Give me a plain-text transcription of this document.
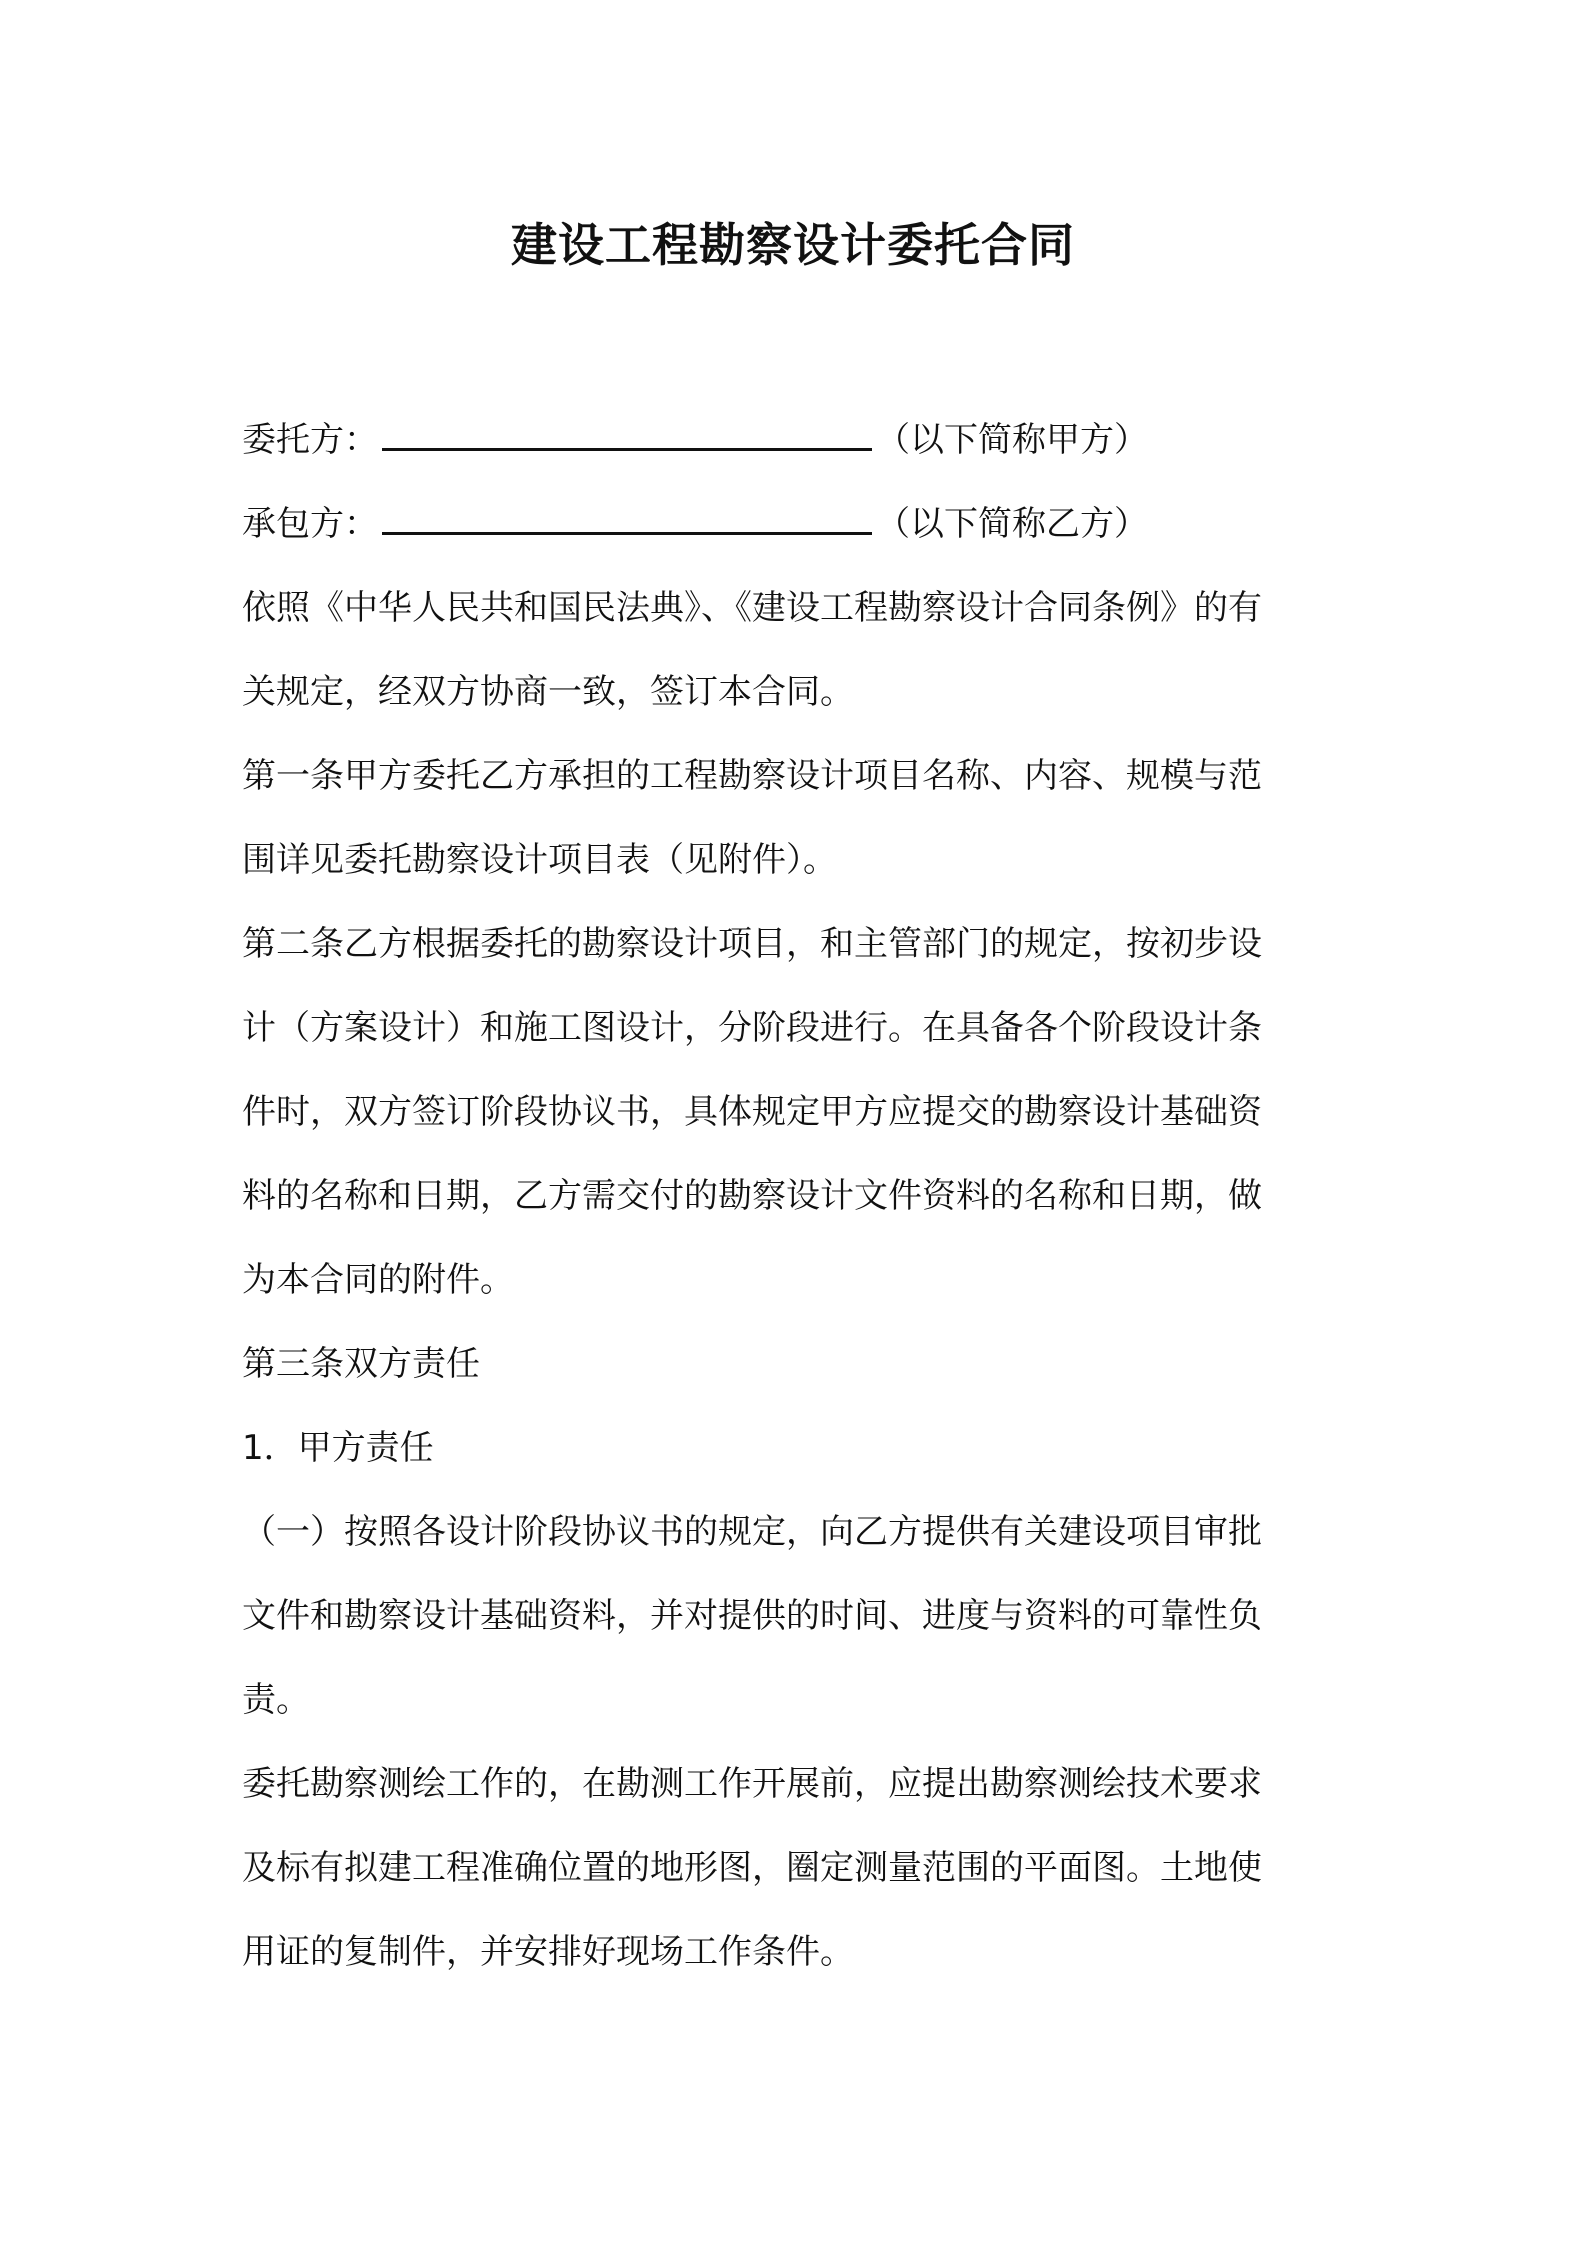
建设工程勘察设计委托合同
委托方：	（以下简称甲方）
承包方：	（以下简称乙方）
依照《中华人民共和国民法典》、《建设工程勘察设计合同条例》的有
关规定，经双方协商一致，签订本合同。
第一条甲方委托乙方承担的工程勘察设计项目名称、内容、规模与范
围详见委托勘察设计项目表（见附件）。
第二条乙方根据委托的勘察设计项目，和主管部门的规定，按初步设
计（方案设计）和施工图设计，分阶段进行。在具备各个阶段设计条
件时，双方签订阶段协议书，具体规定甲方应提交的勘察设计基础资
料的名称和日期，乙方需交付的勘察设计文件资料的名称和日期，做
为本合同的附件。
第三条双方责任
1．甲方责任
（一）按照各设计阶段协议书的规定，向乙方提供有关建设项目审批
文件和勘察设计基础资料，并对提供的时间、进度与资料的可靠性负
责。
委托勘察测绘工作的，在勘测工作开展前，应提出勘察测绘技术要求
及标有拟建工程准确位置的地形图，圈定测量范围的平面图。土地使
用证的复制件，并安排好现场工作条件。
